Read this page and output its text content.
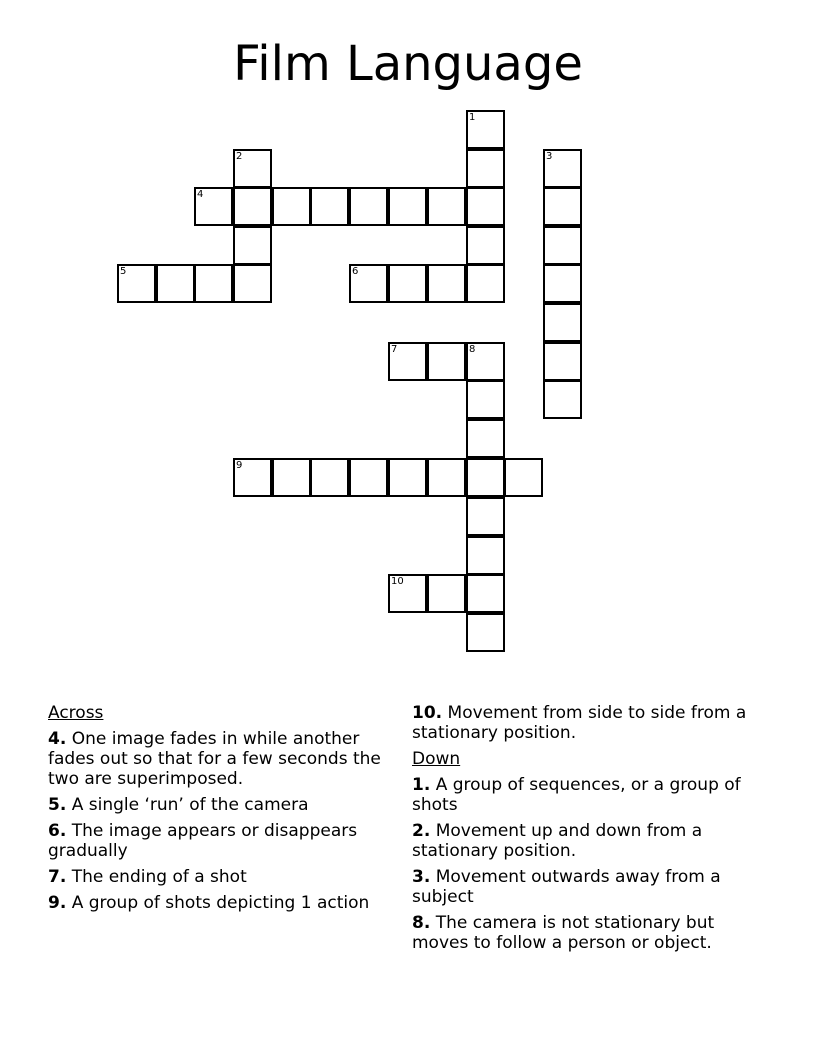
Film Language
1
2	3
4
5	6
7	8
9
10
Across
4. One image fades in while another fades out so that for a few seconds the two are superimposed.
5. A single ‘run’ of the camera
6. The image appears or disappears gradually
7. The ending of a shot
9. A group of shots depicting 1 action
10. Movement from side to side from a stationary position.
Down
1. A group of sequences, or a group of shots
2. Movement up and down from a stationary position.
3. Movement outwards away from a subject
8. The camera is not stationary but moves to follow a person or object.
